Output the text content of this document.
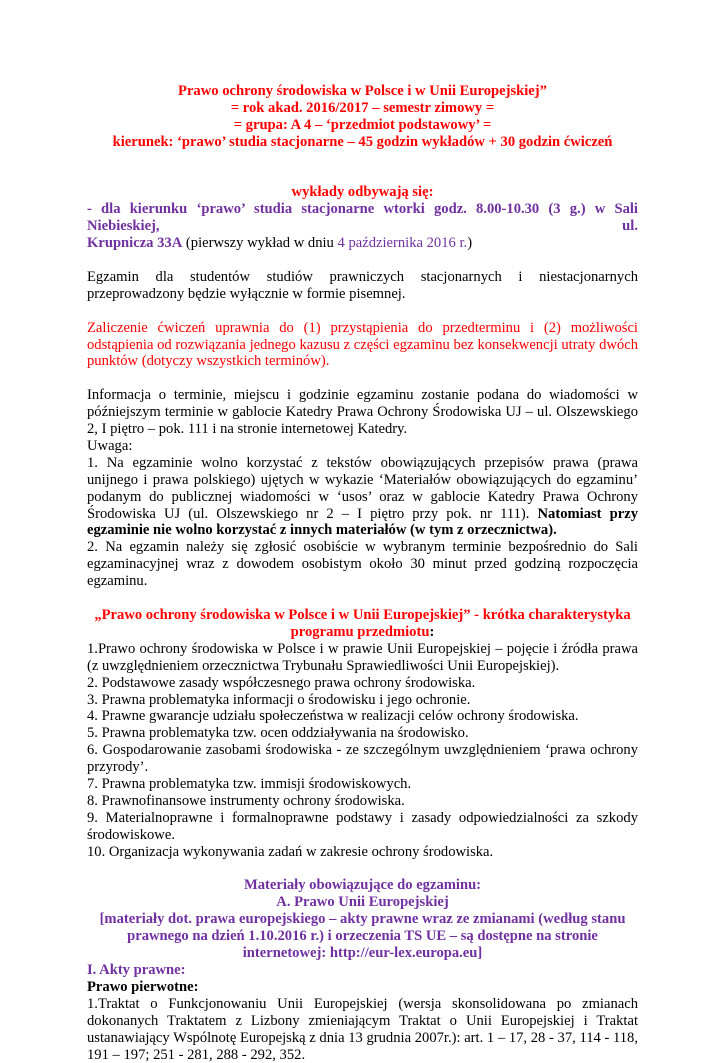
Prawo ochrony środowiska w Polsce i w Unii Europejskiej”

= rok akad. 2016/2017 – semestr zimowy =

= grupa: A 4 – ‘przedmiot podstawowy’ =

kierunek: ‘prawo’ studia stacjonarne – 45 godzin wykładów + 30 godzin ćwiczeń

wykłady odbywają się:

- dla kierunku ‘prawo’ studia stacjonarne wtorki godz. 8.00-10.30 (3 g.) w Sali Niebieskiej, ul.

Krupnicza 33A (pierwszy wykład w dniu 4 października 2016 r.)

Egzamin dla studentów studiów prawniczych stacjonarnych i niestacjonarnych przeprowadzony będzie wyłącznie w formie pisemnej.

Zaliczenie ćwiczeń uprawnia do (1) przystąpienia do przedterminu i (2) możliwości odstąpienia od rozwiązania jednego kazusu z części egzaminu bez konsekwencji utraty dwóch punktów (dotyczy wszystkich terminów).

Informacja o terminie, miejscu i godzinie egzaminu zostanie podana do wiadomości w późniejszym terminie w gablocie Katedry Prawa Ochrony Środowiska UJ – ul. Olszewskiego 2, I piętro – pok. 111 i na stronie internetowej Katedry.

Uwaga:

1. Na egzaminie wolno korzystać z tekstów obowiązujących przepisów prawa (prawa unijnego i prawa polskiego) ujętych w wykazie ‘Materiałów obowiązujących do egzaminu’ podanym do publicznej wiadomości w ‘usos’ oraz w gablocie Katedry Prawa Ochrony Środowiska UJ (ul. Olszewskiego nr 2 – I piętro przy pok. nr 111). Natomiast przy egzaminie nie wolno korzystać z innych materiałów (w tym z orzecznictwa).

2. Na egzamin należy się zgłosić osobiście w wybranym terminie bezpośrednio do Sali egzaminacyjnej wraz z dowodem osobistym około 30 minut przed godziną rozpoczęcia egzaminu.

„Prawo ochrony środowiska w Polsce i w Unii Europejskiej” - krótka charakterystyka

programu przedmiotu:

1.Prawo ochrony środowiska w Polsce i w prawie Unii Europejskiej – pojęcie i źródła prawa (z uwzględnieniem orzecznictwa Trybunału Sprawiedliwości Unii Europejskiej).

2. Podstawowe zasady współczesnego prawa ochrony środowiska.

3. Prawna problematyka informacji o środowisku i jego ochronie.

4. Prawne gwarancje udziału społeczeństwa w realizacji celów ochrony środowiska.

5. Prawna problematyka tzw. ocen oddziaływania na środowisko.

6. Gospodarowanie zasobami środowiska - ze szczególnym uwzględnieniem ‘prawa ochrony przyrody’.

7. Prawna problematyka tzw. immisji środowiskowych.

8. Prawnofinansowe instrumenty ochrony środowiska.

9. Materialnoprawne i formalnoprawne podstawy i zasady odpowiedzialności za szkody środowiskowe.

10. Organizacja wykonywania zadań w zakresie ochrony środowiska.

Materiały obowiązujące do egzaminu:

A. Prawo Unii Europejskiej

[materiały dot. prawa europejskiego – akty prawne wraz ze zmianami (według stanu prawnego na dzień 1.10.2016 r.) i orzeczenia TS UE – są dostępne na stronie internetowej: http://eur-lex.europa.eu]

I. Akty prawne:

Prawo pierwotne:

1.Traktat o Funkcjonowaniu Unii Europejskiej (wersja skonsolidowana po zmianach dokonanych Traktatem z Lizbony zmieniającym Traktat o Unii Europejskiej i Traktat ustanawiający Wspólnotę Europejską z dnia 13 grudnia 2007r.): art. 1 – 17, 28 - 37, 114 - 118, 191 – 197; 251 - 281, 288 - 292, 352.
